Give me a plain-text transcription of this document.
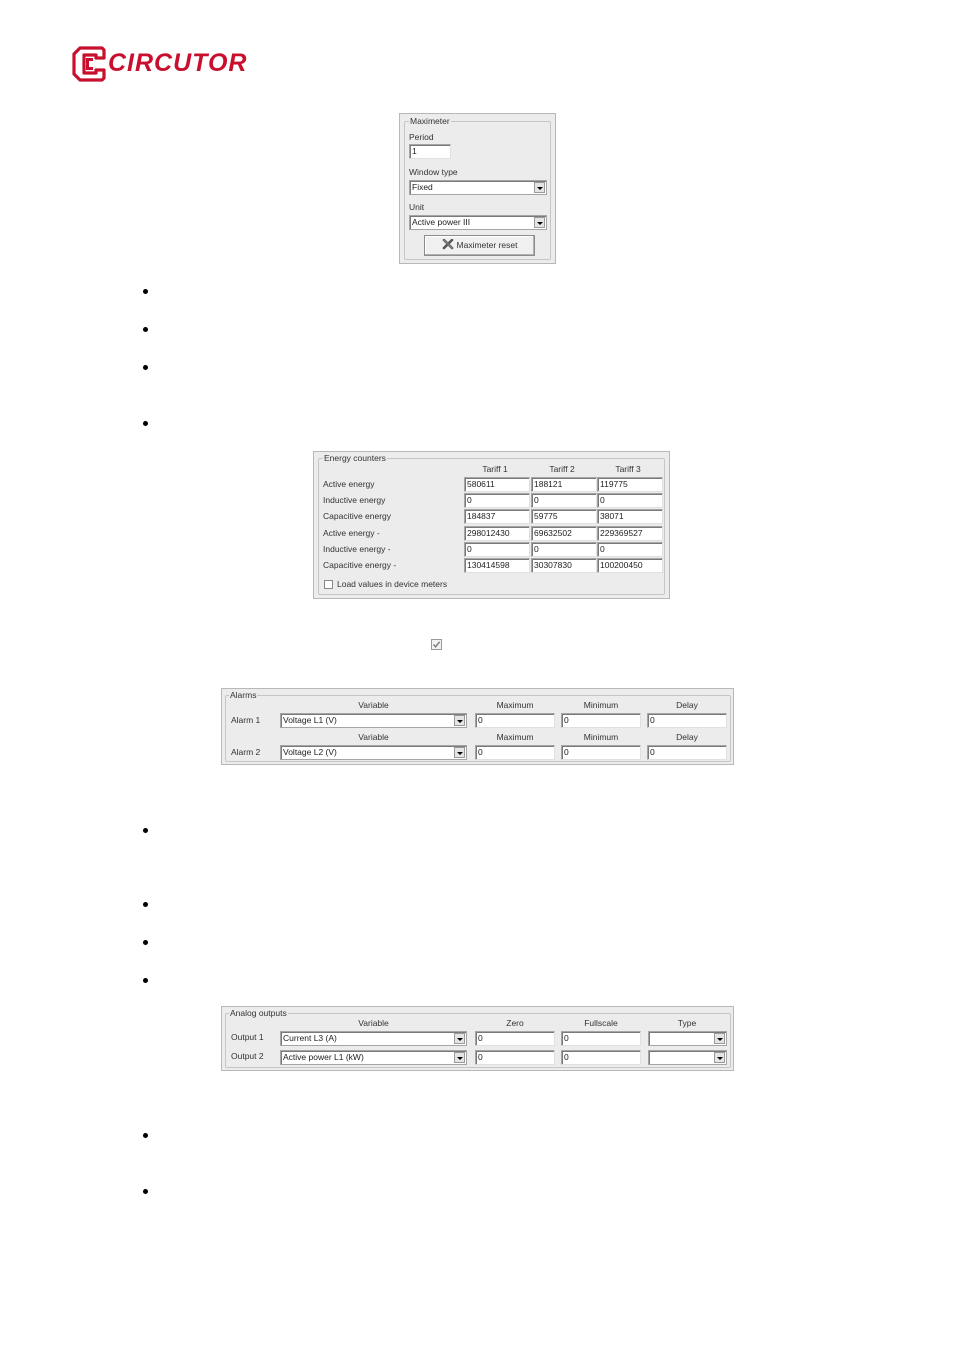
CIRCUTOR
Maximeter
Period
1
Window type
Fixed
Unit
Active power III
Maximeter reset
Energy counters
Tariff 1	Tariff 2	Tariff 3
Active energy	580611	188121	119775
Inductive energy	0	0	0
Capacitive energy	184837	59775	38071
Active energy -	298012430	69632502	229369527
Inductive energy -	0	0	0
Capacitive energy -	130414598	30307830	100200450
Load values in device meters
Alarms
Variable	Maximum	Minimum	Delay
Alarm 1	Voltage L1 (V)	0	0	0
Variable	Maximum	Minimum	Delay
Alarm 2	Voltage L2 (V)	0	0	0
Analog outputs
Variable	Zero	Fullscale	Type
Output 1	Current L3 (A)	0	0
Output 2	Active power L1 (kW)	0	0
